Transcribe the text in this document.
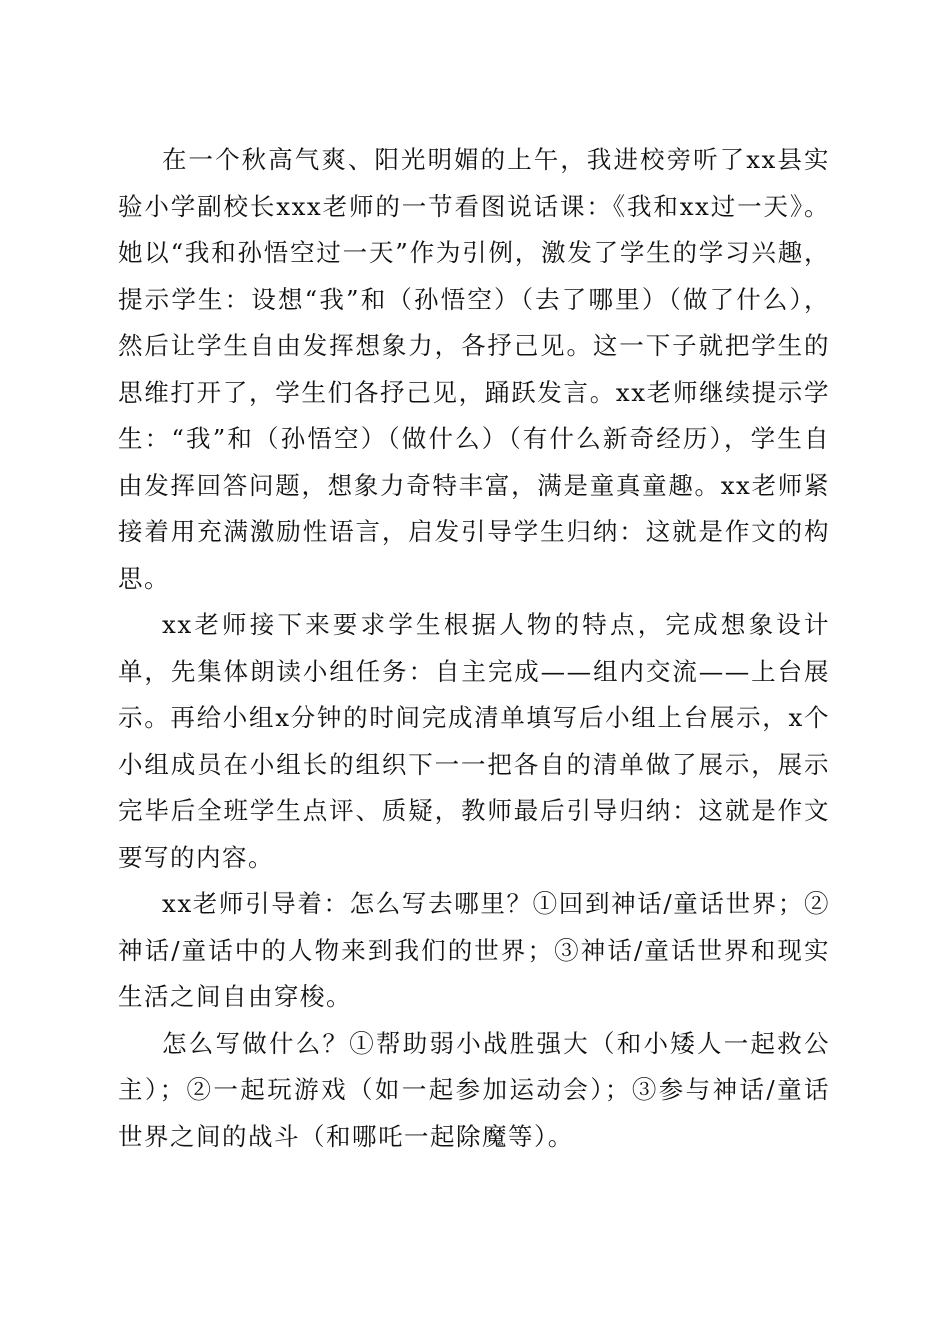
在一个秋高气爽、阳光明媚的上午，我进校旁听了xx县实验小学副校长xxx老师的一节看图说话课：《我和xx过一天》。她以“我和孙悟空过一天”作为引例，激发了学生的学习兴趣，提示学生：设想“我”和（孙悟空）（去了哪里）（做了什么），然后让学生自由发挥想象力，各抒己见。这一下子就把学生的思维打开了，学生们各抒己见，踊跃发言。xx老师继续提示学生：“我”和（孙悟空）（做什么）（有什么新奇经历），学生自由发挥回答问题，想象力奇特丰富，满是童真童趣。xx老师紧接着用充满激励性语言，启发引导学生归纳：这就是作文的构思。

xx老师接下来要求学生根据人物的特点，完成想象设计单，先集体朗读小组任务：自主完成——组内交流——上台展示。再给小组x分钟的时间完成清单填写后小组上台展示，x个小组成员在小组长的组织下一一把各自的清单做了展示，展示完毕后全班学生点评、质疑，教师最后引导归纳：这就是作文要写的内容。

xx老师引导着：怎么写去哪里？①回到神话/童话世界；②神话/童话中的人物来到我们的世界；③神话/童话世界和现实生活之间自由穿梭。

怎么写做什么？①帮助弱小战胜强大（和小矮人一起救公主）；②一起玩游戏（如一起参加运动会）；③参与神话/童话世界之间的战斗（和哪吒一起除魔等）。
